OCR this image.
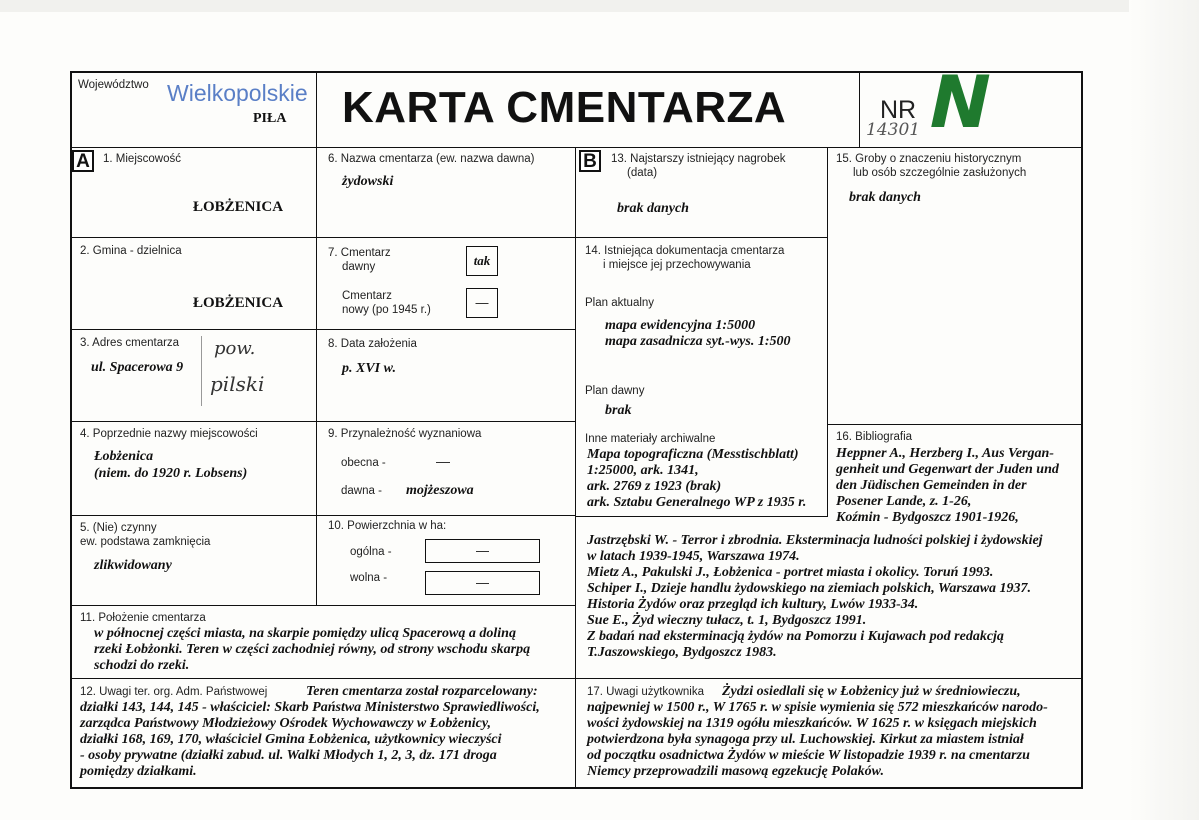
Województwo Wielkopolskie
PIŁA KARTA CMENTARZA	NR
14301 N
A	1. Miejscowość
ŁOBŻENICA
2. Gmina - dzielnica
ŁOBŻENICA
3. Adres cmentarza
ul. Spacerowa 9
pow.
pilski
4. Poprzednie nazwy miejscowości
Łobżenica
(niem. do 1920 r. Lobsens)
5. (Nie) czynny
ew. podstawa zamknięcia
zlikwidowany
6. Nazwa cmentarza (ew. nazwa dawna)
żydowski
7. Cmentarz
dawny	tak
Cmentarz
nowy (po 1945 r.)	—
8. Data założenia
p. XVI w.
9. Przynależność wyznaniowa
obecna -	—
dawna - mojżeszowa
10. Powierzchnia w ha:
ogólna -	—
wolna -	—
11. Położenie cmentarza
w północnej części miasta, na skarpie pomiędzy ulicą Spacerową a doliną
rzeki Łobżonki. Teren w części zachodniej równy, od strony wschodu skarpą
schodzi do rzeki.
12. Uwagi ter. org. Adm. Państwowej	Teren cmentarza został rozparcelowany:
działki 143, 144, 145 - właściciel: Skarb Państwa Ministerstwo Sprawiedliwości,
zarządca Państwowy Młodzieżowy Ośrodek Wychowawczy w Łobżenicy,
działki 168, 169, 170, właściciel Gmina Łobżenica, użytkownicy wieczyści
- osoby prywatne (działki zabud. ul. Walki Młodych 1, 2, 3, dz. 171 droga
pomiędzy działkami.
B	13. Najstarszy istniejący nagrobek
(data)
brak danych
14. Istniejąca dokumentacja cmentarza
i miejsce jej przechowywania
Plan aktualny
mapa ewidencyjna 1:5000
mapa zasadnicza syt.-wys. 1:500
Plan dawny
brak
Inne materiały archiwalne
Mapa topograficzna (Messtischblatt)
1:25000, ark. 1341,
ark. 2769 z 1923 (brak)
ark. Sztabu Generalnego WP z 1935 r.
15. Groby o znaczeniu historycznym
lub osób szczególnie zasłużonych
brak danych
16. Bibliografia
Heppner A., Herzberg I., Aus Vergan-
genheit und Gegenwart der Juden und
den Jüdischen Gemeinden in der
Posener Lande, z. 1-26,
Koźmin - Bydgoszcz 1901-1926,
Jastrzębski W. - Terror i zbrodnia. Eksterminacja ludności polskiej i żydowskiej
w latach 1939-1945, Warszawa 1974.
Mietz A., Pakulski J., Łobżenica - portret miasta i okolicy. Toruń 1993.
Schiper I., Dzieje handlu żydowskiego na ziemiach polskich, Warszawa 1937.
Historia Żydów oraz przegląd ich kultury, Lwów 1933-34.
Sue E., Żyd wieczny tułacz, t. 1, Bydgoszcz 1991.
Z badań nad eksterminacją żydów na Pomorzu i Kujawach pod redakcją
T.Jaszowskiego, Bydgoszcz 1983.
17. Uwagi użytkownika Żydzi osiedlali się w Łobżenicy już w średniowieczu,
najpewniej w 1500 r., W 1765 r. w spisie wymienia się 572 mieszkańców narodo-
wości żydowskiej na 1319 ogółu mieszkańców. W 1625 r. w księgach miejskich
potwierdzona była synagoga przy ul. Luchowskiej. Kirkut za miastem istniał
od początku osadnictwa Żydów w mieście W listopadzie 1939 r. na cmentarzu
Niemcy przeprowadzili masową egzekucję Polaków.
